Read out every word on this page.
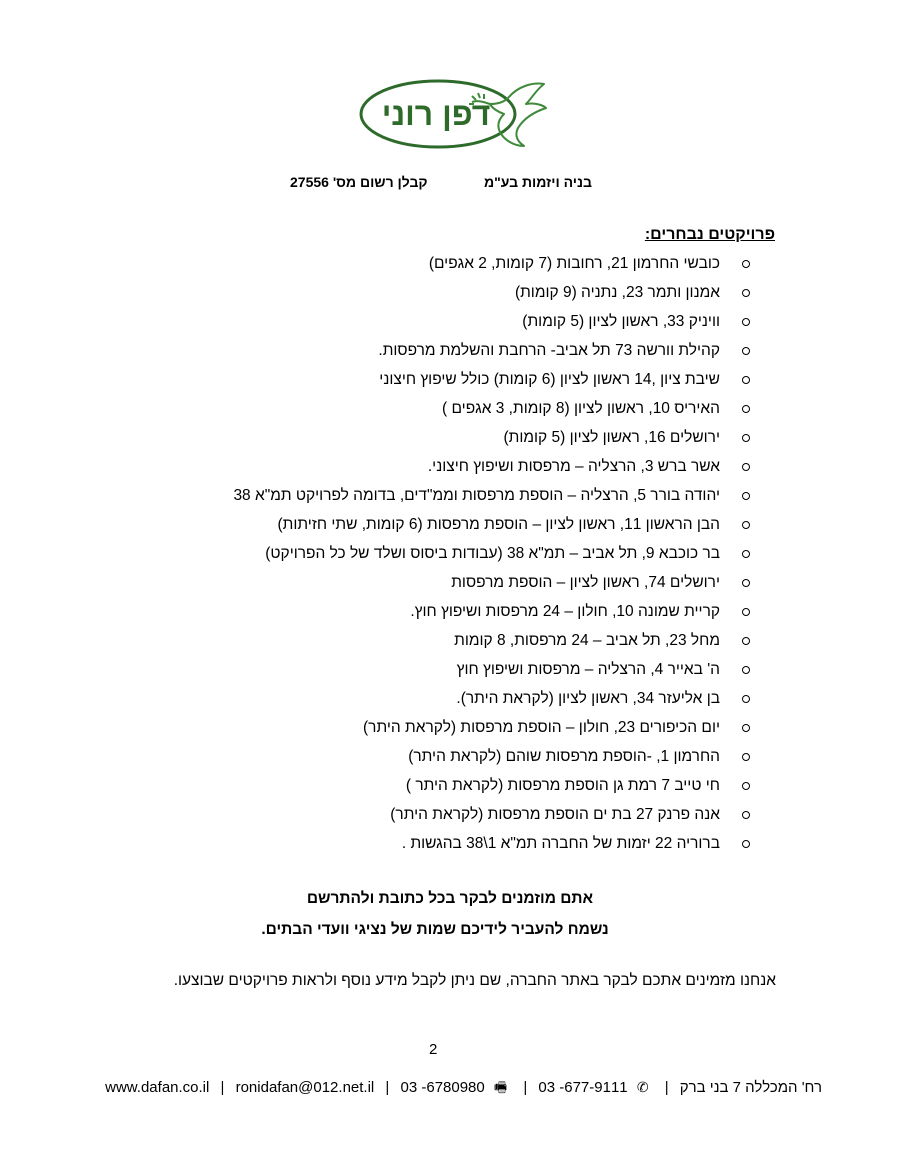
דפן רוני
בניה ויזמות בע"מ
קבלן רשום מס' 27556
פרויקטים נבחרים:
כובשי החרמון 21, רחובות (7 קומות, 2 אגפים)
אמנון ותמר 23, נתניה (9 קומות)
וויניק 33, ראשון לציון (5 קומות)
קהילת וורשה 73 תל אביב- הרחבת והשלמת מרפסות.
שיבת ציון ,14 ראשון לציון (6 קומות) כולל שיפוץ חיצוני
האיריס 10, ראשון לציון (8 קומות, 3 אגפים )
ירושלים 16, ראשון לציון (5 קומות)
אשר ברש 3, הרצליה – מרפסות ושיפוץ חיצוני.
יהודה בורר 5, הרצליה – הוספת מרפסות וממ"דים, בדומה לפרויקט תמ"א 38
הבן הראשון 11, ראשון לציון – הוספת מרפסות (6 קומות, שתי חזיתות)
בר כוכבא 9, תל אביב – תמ"א 38 (עבודות ביסוס ושלד של כל הפרויקט)
ירושלים 74, ראשון לציון – הוספת מרפסות
קריית שמונה 10, חולון – 24 מרפסות ושיפוץ חוץ.
מחל 23, תל אביב – 24 מרפסות, 8 קומות
ה' באייר 4, הרצליה – מרפסות ושיפוץ חוץ
בן אליעזר 34, ראשון לציון (לקראת היתר).
יום הכיפורים 23, חולון – הוספת מרפסות (לקראת היתר)
החרמון 1, -הוספת מרפסות שוהם (לקראת היתר)
חי טייב 7 רמת גן הוספת מרפסות (לקראת היתר )
אנה פרנק 27 בת ים הוספת מרפסות (לקראת היתר)
ברוריה 22 יזמות של החברה תמ"א 1\38 בהגשות .
אתם מוזמנים לבקר בכל כתובת ולהתרשם
נשמח להעביר לידיכם שמות של נציגי וועדי הבתים.
אנחנו מזמינים אתכם לבקר באתר החברה, שם ניתן לקבל מידע נוסף ולראות פרויקטים שבוצעו.
2
רח' המכללה 7 בני ברק | ✆ 03 -677-9111 | 🖷 03 -6780980 | ronidafan@012.net.il | www.dafan.co.il
